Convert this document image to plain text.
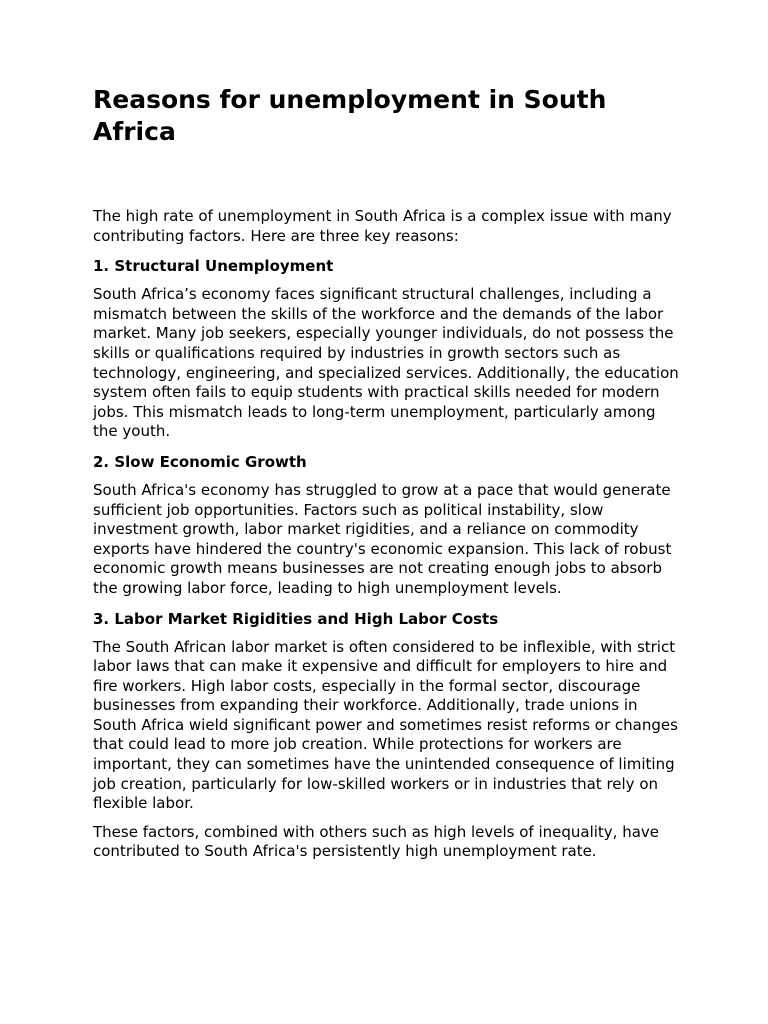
Reasons for unemployment in South Africa

The high rate of unemployment in South Africa is a complex issue with many contributing factors. Here are three key reasons:

1. Structural Unemployment

South Africa’s economy faces significant structural challenges, including a mismatch between the skills of the workforce and the demands of the labor market. Many job seekers, especially younger individuals, do not possess the skills or qualifications required by industries in growth sectors such as technology, engineering, and specialized services. Additionally, the education system often fails to equip students with practical skills needed for modern jobs. This mismatch leads to long-term unemployment, particularly among the youth.

2. Slow Economic Growth

South Africa's economy has struggled to grow at a pace that would generate sufficient job opportunities. Factors such as political instability, slow investment growth, labor market rigidities, and a reliance on commodity exports have hindered the country's economic expansion. This lack of robust economic growth means businesses are not creating enough jobs to absorb the growing labor force, leading to high unemployment levels.

3. Labor Market Rigidities and High Labor Costs

The South African labor market is often considered to be inflexible, with strict labor laws that can make it expensive and difficult for employers to hire and fire workers. High labor costs, especially in the formal sector, discourage businesses from expanding their workforce. Additionally, trade unions in South Africa wield significant power and sometimes resist reforms or changes that could lead to more job creation. While protections for workers are important, they can sometimes have the unintended consequence of limiting job creation, particularly for low-skilled workers or in industries that rely on flexible labor.

These factors, combined with others such as high levels of inequality, have contributed to South Africa's persistently high unemployment rate.
